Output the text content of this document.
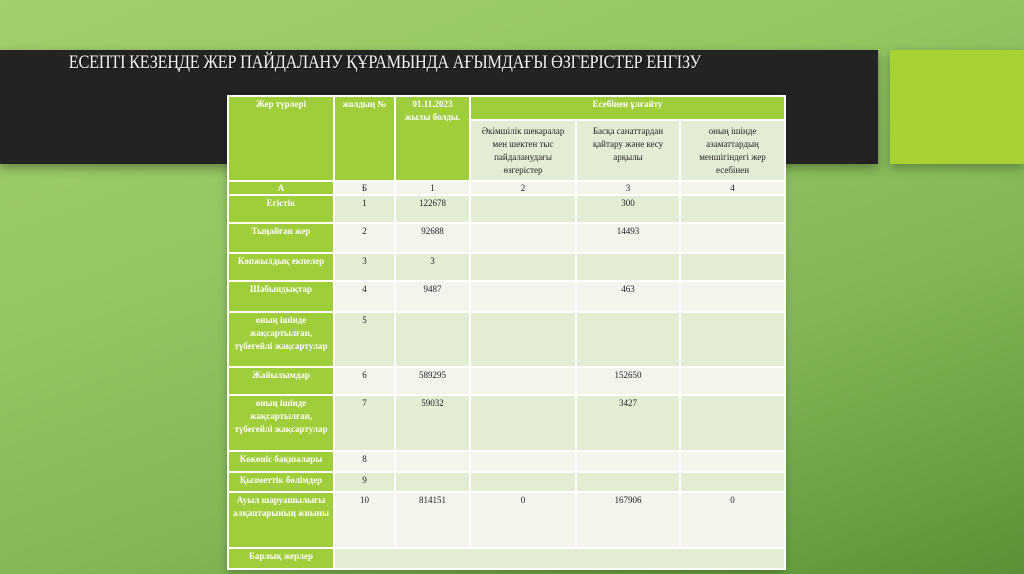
ЕСЕПТІ КЕЗЕҢДЕ ЖЕР ПАЙДАЛАНУ ҚҰРАМЫНДА АҒЫМДАҒЫ ӨЗГЕРІСТЕР ЕНГІЗУ
Жер түрлері	жолдың №	01.11.2023 жылы болды.	Есебінен ұлғайту		
			Әкімшілік шекаралар мен шектен тыс пайдаланудағы өзгерістер	Басқа санаттардан қайтару және кесу арқылы	оның ішінде азаматтардың меншігіндегі жер есебінен
А	Б	1	2	3	4
Егістік	1	122678		300	
Тыңайған жер	2	92688		14493	
Көпжылдық екпелер	3	3			
Шабындықтар	4	9487		463	
оның ішінде жақсартылған, түбегейлі жақсартулар	5				
Жайылымдар	6	589295		152650	
оның ішінде жақсартылған, түбегейлі жақсартулар	7	59032		3427	
Көкөніс бақшалары	8				
Қызметтік бөлімдер	9				
Ауыл шаруашылығы алқаптарының жиыны	10	814151	0	167906	0
Барлық жерлер					
